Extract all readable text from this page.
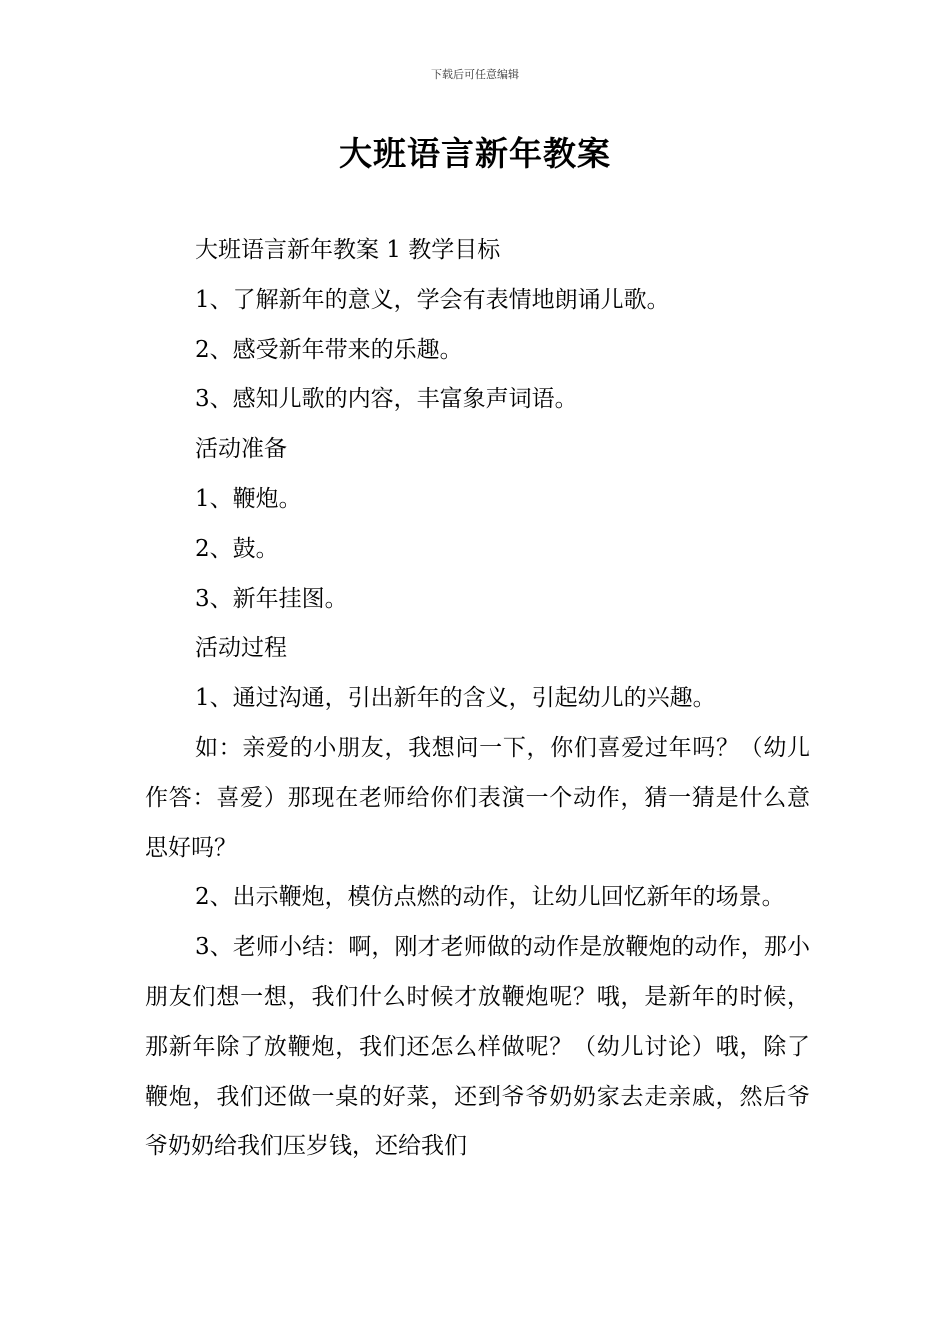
下载后可任意编辑
大班语言新年教案

大班语言新年教案 1 教学目标

1、了解新年的意义，学会有表情地朗诵儿歌。

2、感受新年带来的乐趣。

3、感知儿歌的内容，丰富象声词语。

活动准备

1、鞭炮。

2、鼓。

3、新年挂图。

活动过程

1、通过沟通，引出新年的含义，引起幼儿的兴趣。

如：亲爱的小朋友，我想问一下，你们喜爱过年吗？（幼儿作答：喜爱）那现在老师给你们表演一个动作，猜一猜是什么意思好吗？

2、出示鞭炮，模仿点燃的动作，让幼儿回忆新年的场景。

3、老师小结：啊，刚才老师做的动作是放鞭炮的动作，那小朋友们想一想，我们什么时候才放鞭炮呢？哦，是新年的时候，那新年除了放鞭炮，我们还怎么样做呢？（幼儿讨论）哦，除了鞭炮，我们还做一桌的好菜，还到爷爷奶奶家去走亲戚，然后爷爷奶奶给我们压岁钱，还给我们
